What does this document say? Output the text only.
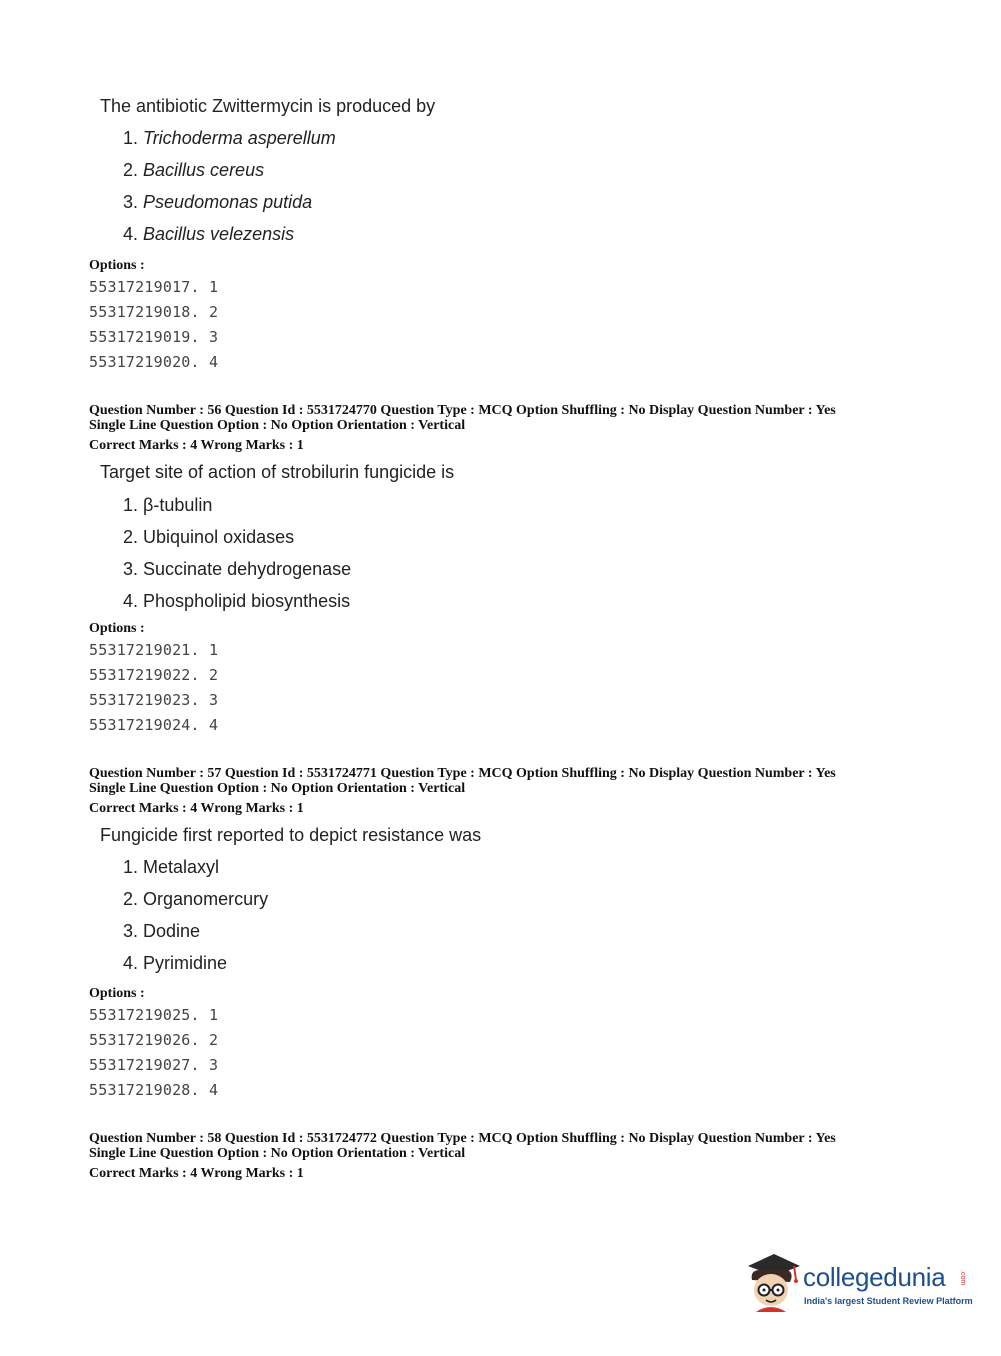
The antibiotic Zwittermycin is produced by
1. Trichoderma asperellum
2. Bacillus cereus
3. Pseudomonas putida
4. Bacillus velezensis
Options :
55317219017. 1
55317219018. 2
55317219019. 3
55317219020. 4
Question Number : 56 Question Id : 5531724770 Question Type : MCQ Option Shuffling : No Display Question Number : Yes
Single Line Question Option : No Option Orientation : Vertical
Correct Marks : 4 Wrong Marks : 1
Target site of action of strobilurin fungicide is
1. β-tubulin
2. Ubiquinol oxidases
3. Succinate dehydrogenase
4. Phospholipid biosynthesis
Options :
55317219021. 1
55317219022. 2
55317219023. 3
55317219024. 4
Question Number : 57 Question Id : 5531724771 Question Type : MCQ Option Shuffling : No Display Question Number : Yes
Single Line Question Option : No Option Orientation : Vertical
Correct Marks : 4 Wrong Marks : 1
Fungicide first reported to depict resistance was
1. Metalaxyl
2. Organomercury
3. Dodine
4. Pyrimidine
Options :
55317219025. 1
55317219026. 2
55317219027. 3
55317219028. 4
Question Number : 58 Question Id : 5531724772 Question Type : MCQ Option Shuffling : No Display Question Number : Yes
Single Line Question Option : No Option Orientation : Vertical
Correct Marks : 4 Wrong Marks : 1
collegedunia .com
India's largest Student Review Platform
